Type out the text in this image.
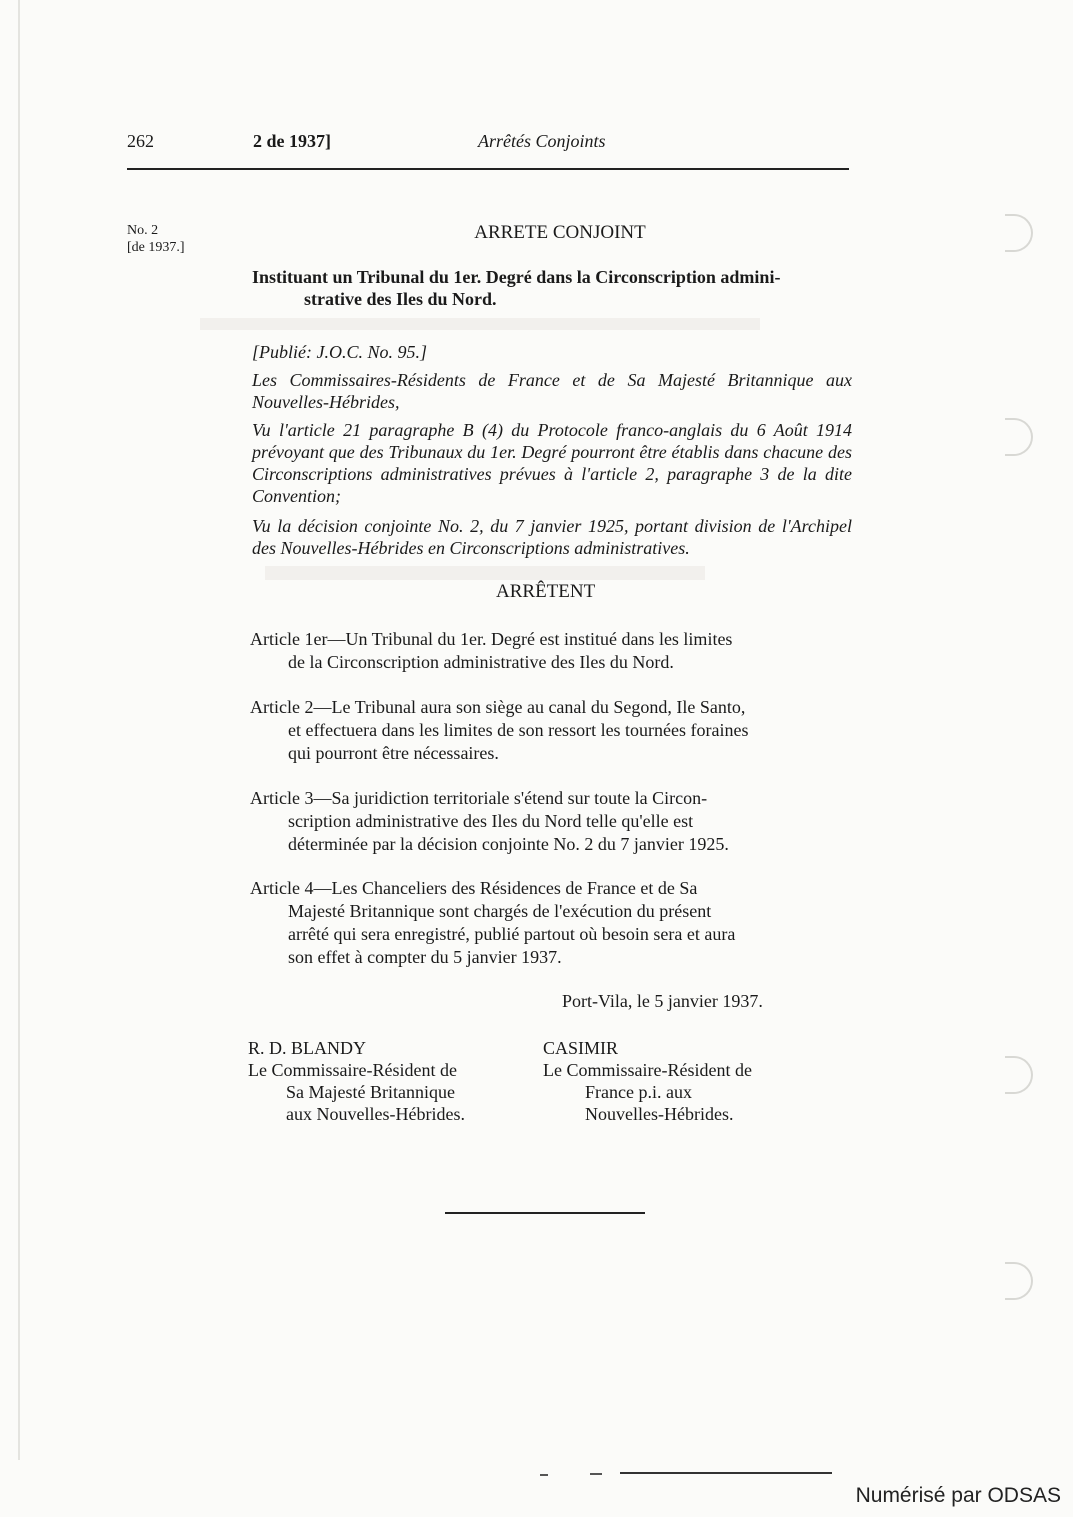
262	2 de 1937]	Arrêtés Conjoints
No. 2
[de 1937.]
ARRETE CONJOINT
Instituant un Tribunal du 1er. Degré dans la Circonscription admini-
strative des Iles du Nord.
[Publié: J.O.C. No. 95.]
Les Commissaires-Résidents de France et de Sa Majesté Britannique aux Nouvelles-Hébrides,
Vu l'article 21 paragraphe B (4) du Protocole franco-anglais du 6 Août 1914 prévoyant que des Tribunaux du 1er. Degré pourront être établis dans chacune des Circonscriptions administratives prévues à l'article 2, paragraphe 3 de la dite Convention;
Vu la décision conjointe No. 2, du 7 janvier 1925, portant division de l'Archipel des Nouvelles-Hébrides en Circonscriptions administratives.
ARRÊTENT
Article 1er—Un Tribunal du 1er. Degré est institué dans les limites
de la Circonscription administrative des Iles du Nord.
Article 2—Le Tribunal aura son siège au canal du Segond, Ile Santo,
et effectuera dans les limites de son ressort les tournées foraines
qui pourront être nécessaires.
Article 3—Sa juridiction territoriale s'étend sur toute la Circon-
scription administrative des Iles du Nord telle qu'elle est
déterminée par la décision conjointe No. 2 du 7 janvier 1925.
Article 4—Les Chanceliers des Résidences de France et de Sa
Majesté Britannique sont chargés de l'exécution du présent
arrêté qui sera enregistré, publié partout où besoin sera et aura
son effet à compter du 5 janvier 1937.
Port-Vila, le 5 janvier 1937.
R. D. BLANDY
Le Commissaire-Résident de
Sa Majesté Britannique
aux Nouvelles-Hébrides.
CASIMIR
Le Commissaire-Résident de
France p.i. aux
Nouvelles-Hébrides.
Numérisé par ODSAS
